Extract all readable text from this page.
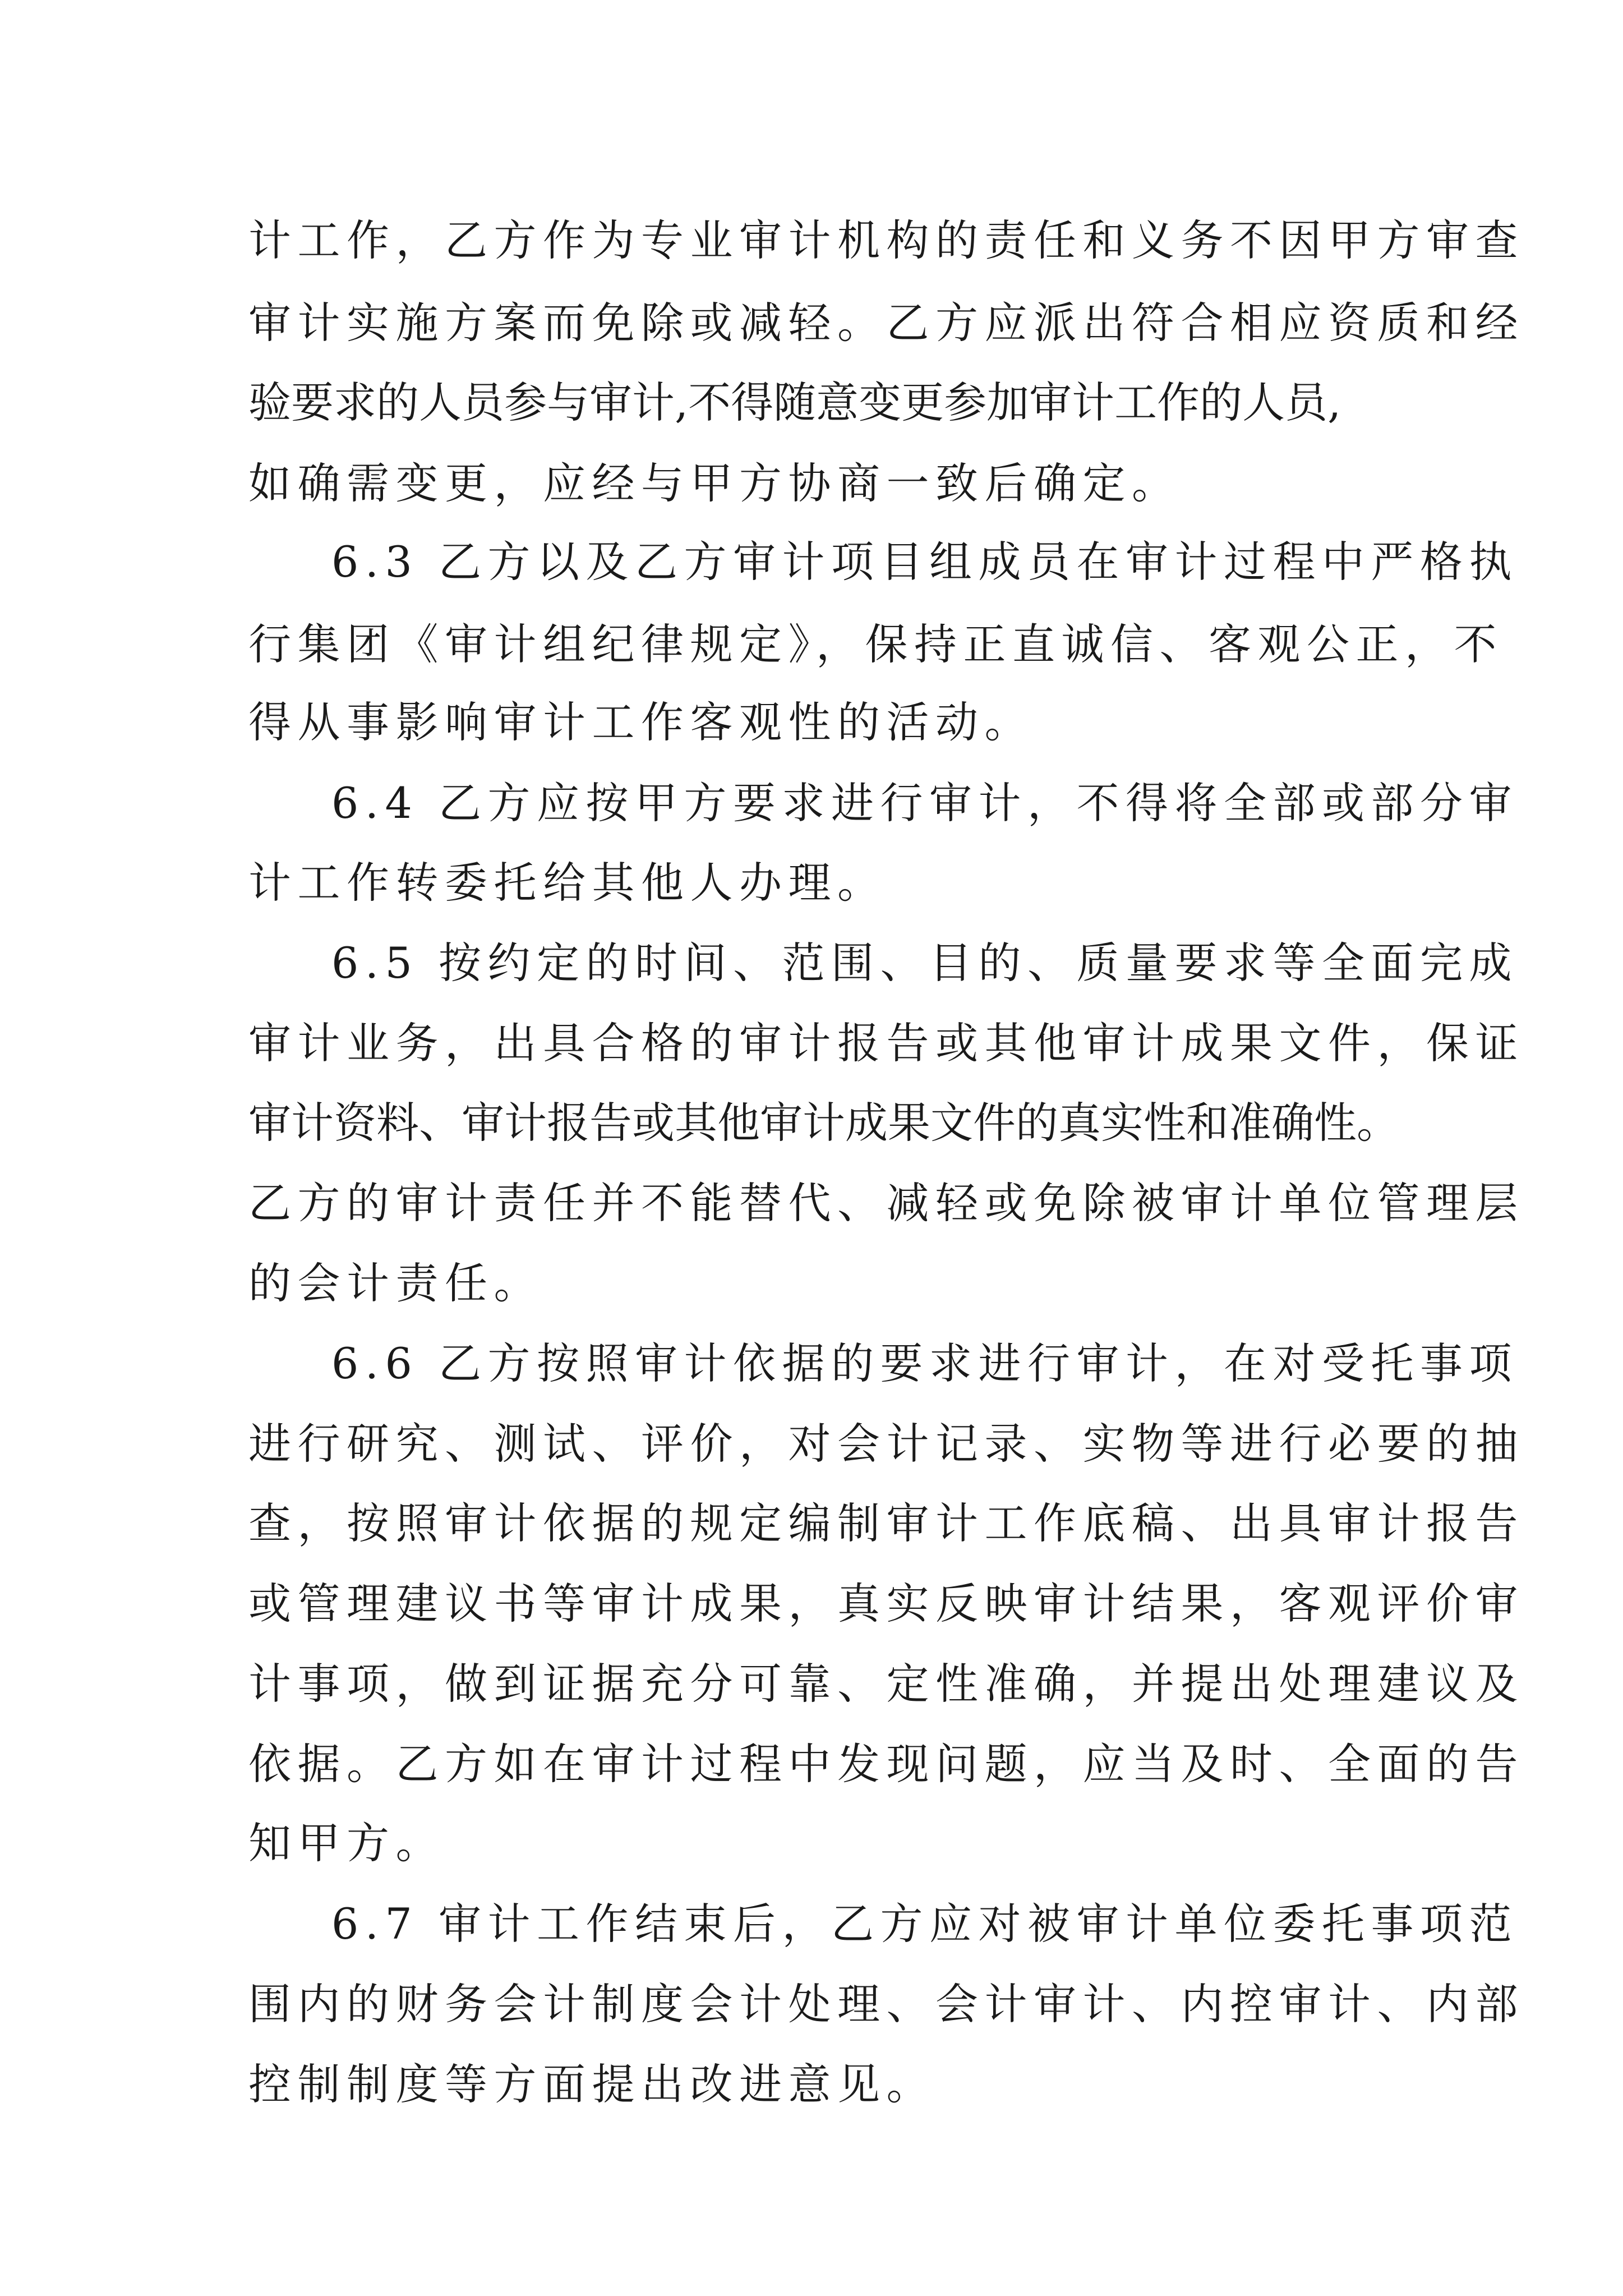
计工作，乙方作为专业审计机构的责任和义务不因甲方审查

审计实施方案而免除或减轻。乙方应派出符合相应资质和经

验要求的人员参与审计,不得随意变更参加审计工作的人员,

如确需变更，应经与甲方协商一致后确定。

6.3 乙方以及乙方审计项目组成员在审计过程中严格执

行集团《审计组纪律规定》，保持正直诚信、客观公正，不

得从事影响审计工作客观性的活动。

6.4 乙方应按甲方要求进行审计，不得将全部或部分审

计工作转委托给其他人办理。

6.5 按约定的时间、范围、目的、质量要求等全面完成

审计业务，出具合格的审计报告或其他审计成果文件，保证

审计资料、审计报告或其他审计成果文件的真实性和准确性。

乙方的审计责任并不能替代、减轻或免除被审计单位管理层

的会计责任。

6.6 乙方按照审计依据的要求进行审计，在对受托事项

进行研究、测试、评价，对会计记录、实物等进行必要的抽

查，按照审计依据的规定编制审计工作底稿、出具审计报告

或管理建议书等审计成果，真实反映审计结果，客观评价审

计事项，做到证据充分可靠、定性准确，并提出处理建议及

依据。乙方如在审计过程中发现问题，应当及时、全面的告

知甲方。

6.7 审计工作结束后，乙方应对被审计单位委托事项范

围内的财务会计制度会计处理、会计审计、内控审计、内部

控制制度等方面提出改进意见。
